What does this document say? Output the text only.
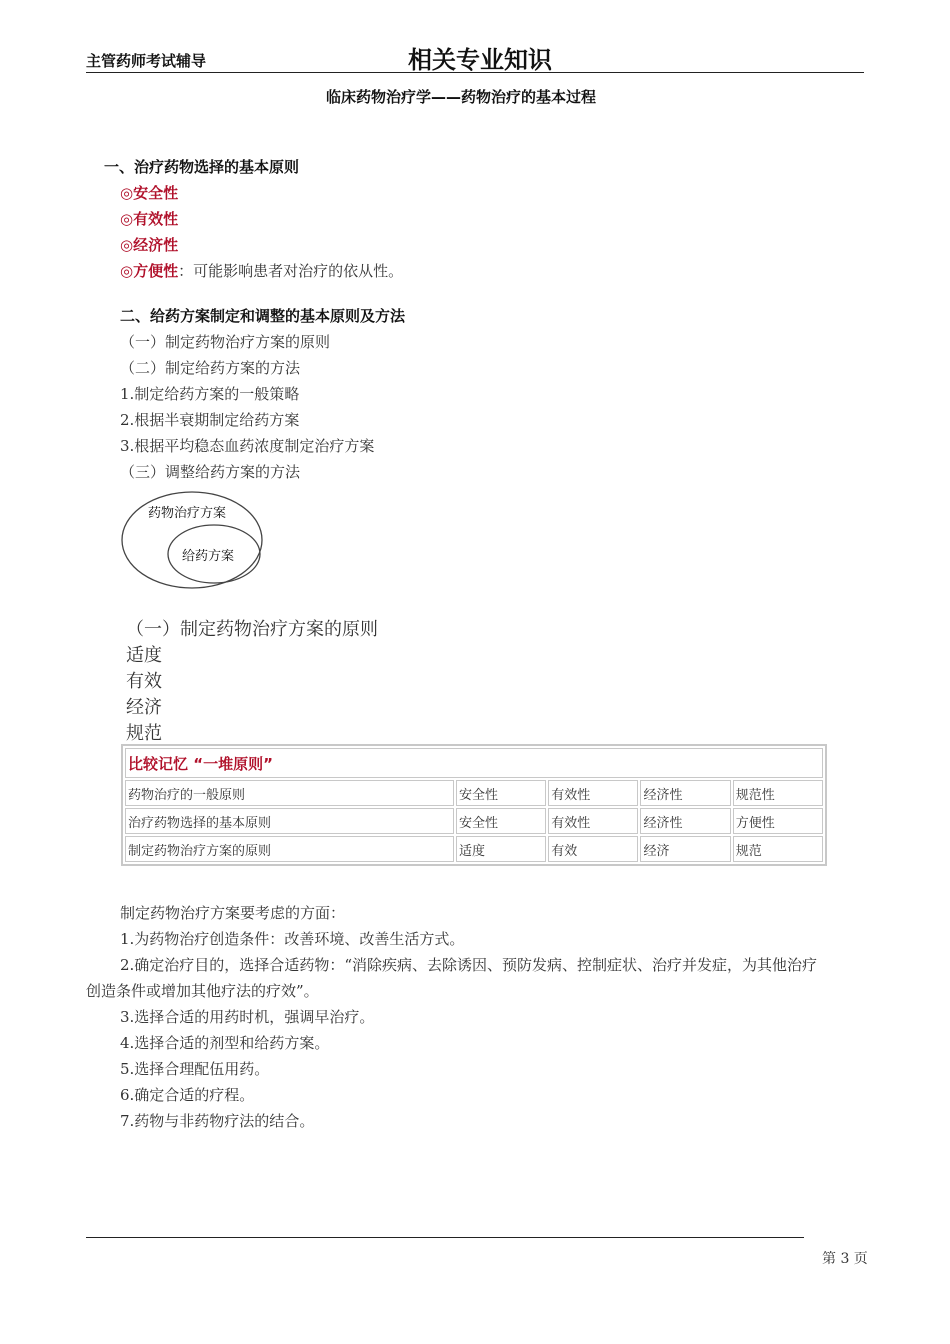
主管药师考试辅导	相关专业知识
临床药物治疗学——药物治疗的基本过程
一、治疗药物选择的基本原则
◎安全性
◎有效性
◎经济性
◎方便性：可能影响患者对治疗的依从性。
二、给药方案制定和调整的基本原则及方法
（一）制定药物治疗方案的原则
（二）制定给药方案的方法
1.制定给药方案的一般策略
2.根据半衰期制定给药方案
3.根据平均稳态血药浓度制定治疗方案
（三）调整给药方案的方法
药物治疗方案
给药方案
（一）制定药物治疗方案的原则
适度
有效
经济
规范
比较记忆 “一堆原则”				
药物治疗的一般原则	安全性	有效性	经济性	规范性
治疗药物选择的基本原则	安全性	有效性	经济性	方便性
制定药物治疗方案的原则	适度	有效	经济	规范
制定药物治疗方案要考虑的方面：
1.为药物治疗创造条件：改善环境、改善生活方式。
2.确定治疗目的，选择合适药物：“消除疾病、去除诱因、预防发病、控制症状、治疗并发症，为其他治疗
创造条件或增加其他疗法的疗效”。
3.选择合适的用药时机，强调早治疗。
4.选择合适的剂型和给药方案。
5.选择合理配伍用药。
6.确定合适的疗程。
7.药物与非药物疗法的结合。
第 3 页
